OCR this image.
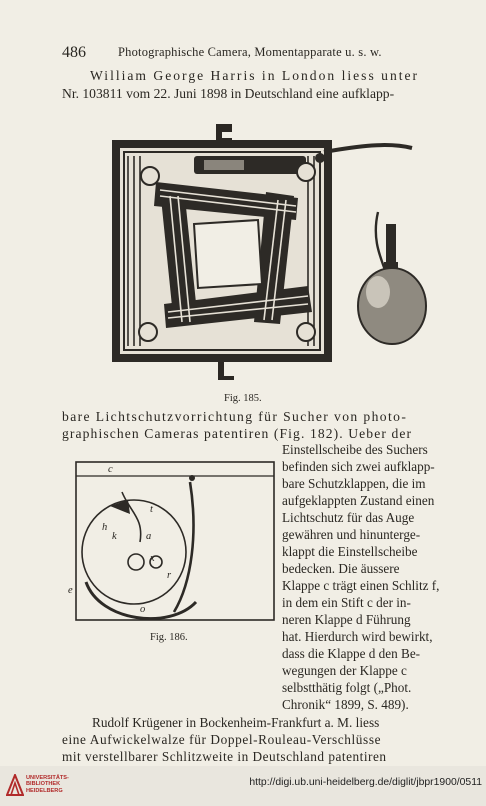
486	Photographische Camera, Momentapparate u. s. w.
William George Harris in London liess unter
Nr. 103811 vom 22. Juni 1898 in Deutschland eine aufklapp-
Fig. 185.
bare Lichtschutzvorrichtung für Sucher von photo-
graphischen Cameras patentiren (Fig. 182). Ueber der
c
t
h
k	a
x
r
e
o
Fig. 186.
Einstellscheibe des Suchers
befinden sich zwei aufklapp-
bare Schutzklappen, die im
aufgeklappten Zustand einen
Lichtschutz für das Auge
gewähren und hinunterge-
klappt die Einstellscheibe
bedecken. Die äussere
Klappe c trägt einen Schlitz f,
in dem ein Stift c der in-
neren Klappe d Führung
hat. Hierdurch wird bewirkt,
dass die Klappe d den Be-
wegungen der Klappe c
selbstthätig folgt („Phot.
Chronik“ 1899, S. 489).
Rudolf Krügener in Bockenheim-Frankfurt a. M. liess
eine Aufwickelwalze für Doppel-Rouleau-Verschlüsse
mit verstellbarer Schlitzweite in Deutschland patentiren
UNIVERSITÄTS-
BIBLIOTHEK
HEIDELBERG
http://digi.ub.uni-heidelberg.de/diglit/jbpr1900/0511
